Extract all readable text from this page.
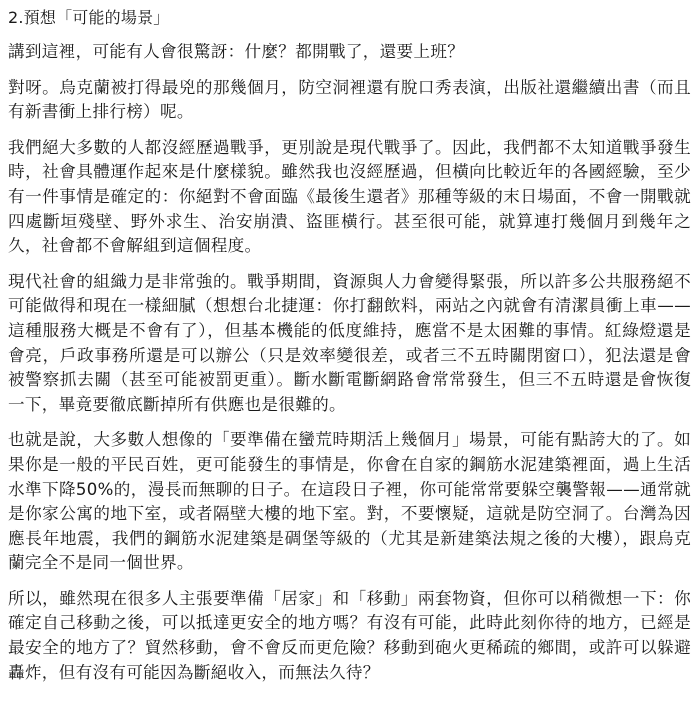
2.預想「可能的場景」

講到這裡，可能有人會很驚訝：什麼？都開戰了，還要上班？

對呀。烏克蘭被打得最兇的那幾個月，防空洞裡還有脫口秀表演，出版社還繼續出書（而且有新書衝上排行榜）呢。

我們絕大多數的人都沒經歷過戰爭，更別說是現代戰爭了。因此，我們都不太知道戰爭發生時，社會具體運作起來是什麼樣貌。雖然我也沒經歷過，但橫向比較近年的各國經驗，至少有一件事情是確定的：你絕對不會面臨《最後生還者》那種等級的末日場面，不會一開戰就四處斷垣殘壁、野外求生、治安崩潰、盜匪橫行。甚至很可能，就算連打幾個月到幾年之久，社會都不會解組到這個程度。

現代社會的組織力是非常強的。戰爭期間，資源與人力會變得緊張，所以許多公共服務絕不可能做得和現在一樣細膩（想想台北捷運：你打翻飲料，兩站之內就會有清潔員衝上車——這種服務大概是不會有了），但基本機能的低度維持，應當不是太困難的事情。紅綠燈還是會亮，戶政事務所還是可以辦公（只是效率變很差，或者三不五時關閉窗口），犯法還是會被警察抓去關（甚至可能被罰更重）。斷水斷電斷網路會常常發生，但三不五時還是會恢復一下，畢竟要徹底斷掉所有供應也是很難的。

也就是說，大多數人想像的「要準備在蠻荒時期活上幾個月」場景，可能有點誇大的了。如果你是一般的平民百姓，更可能發生的事情是，你會在自家的鋼筋水泥建築裡面，過上生活水準下降50%的，漫長而無聊的日子。在這段日子裡，你可能常常要躲空襲警報——通常就是你家公寓的地下室，或者隔壁大樓的地下室。對，不要懷疑，這就是防空洞了。台灣為因應長年地震，我們的鋼筋水泥建築是碉堡等級的（尤其是新建築法規之後的大樓），跟烏克蘭完全不是同一個世界。

所以，雖然現在很多人主張要準備「居家」和「移動」兩套物資，但你可以稍微想一下：你確定自己移動之後，可以抵達更安全的地方嗎？有沒有可能，此時此刻你待的地方，已經是最安全的地方了？貿然移動，會不會反而更危險？移動到砲火更稀疏的鄉間，或許可以躲避轟炸，但有沒有可能因為斷絕收入，而無法久待？
